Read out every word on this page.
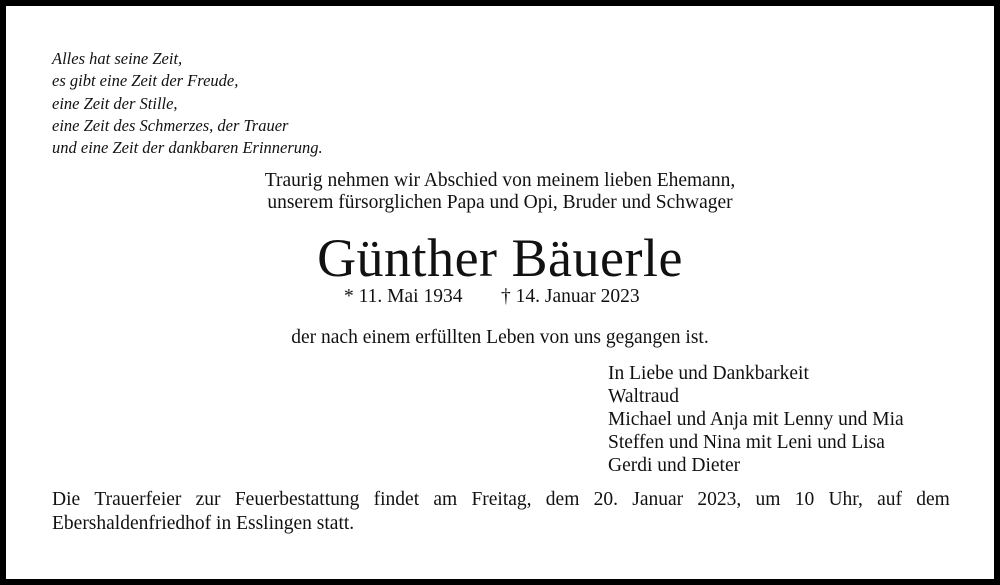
Alles hat seine Zeit,
es gibt eine Zeit der Freude,
eine Zeit der Stille,
eine Zeit des Schmerzes, der Trauer
und eine Zeit der dankbaren Erinnerung.
Traurig nehmen wir Abschied von meinem lieben Ehemann,
unserem fürsorglichen Papa und Opi, Bruder und Schwager
Günther Bäuerle
* 11. Mai 1934 † 14. Januar 2023
der nach einem erfüllten Leben von uns gegangen ist.
In Liebe und Dankbarkeit
Waltraud
Michael und Anja mit Lenny und Mia
Steffen und Nina mit Leni und Lisa
Gerdi und Dieter
Die Trauerfeier zur Feuerbestattung findet am Freitag, dem 20. Januar 2023, um 10 Uhr, auf dem
Ebershaldenfriedhof in Esslingen statt.
